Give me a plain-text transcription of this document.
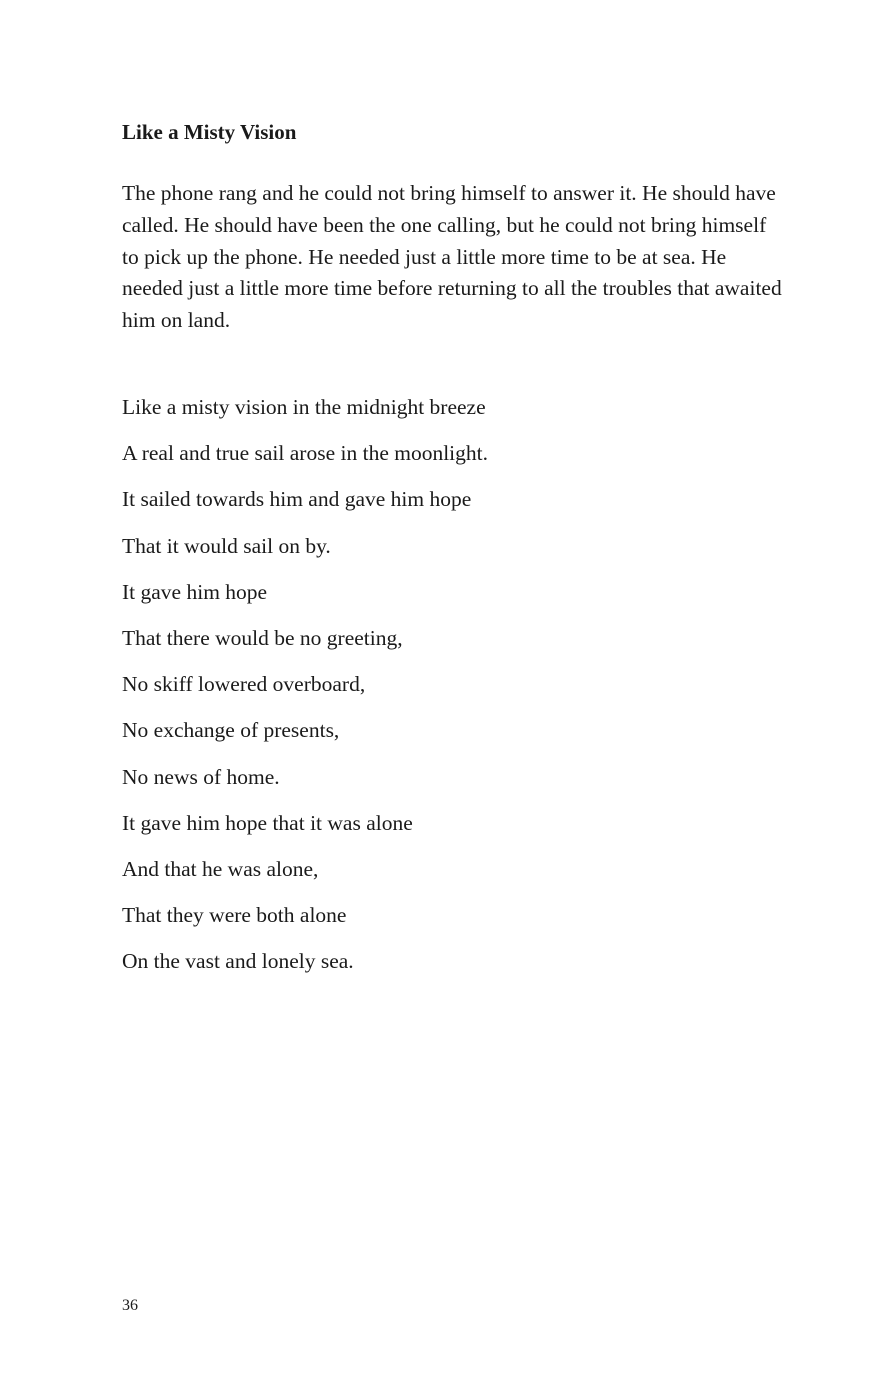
Like a Misty Vision

The phone rang and he could not bring himself to answer it. He should have called. He should have been the one calling, but he could not bring himself to pick up the phone. He needed just a little more time to be at sea. He needed just a little more time before returning to all the troubles that awaited him on land.

Like a misty vision in the midnight breeze
A real and true sail arose in the moonlight.
It sailed towards him and gave him hope
That it would sail on by.
It gave him hope
That there would be no greeting,
No skiff lowered overboard,
No exchange of presents,
No news of home.
It gave him hope that it was alone
And that he was alone,
That they were both alone
On the vast and lonely sea.
36
